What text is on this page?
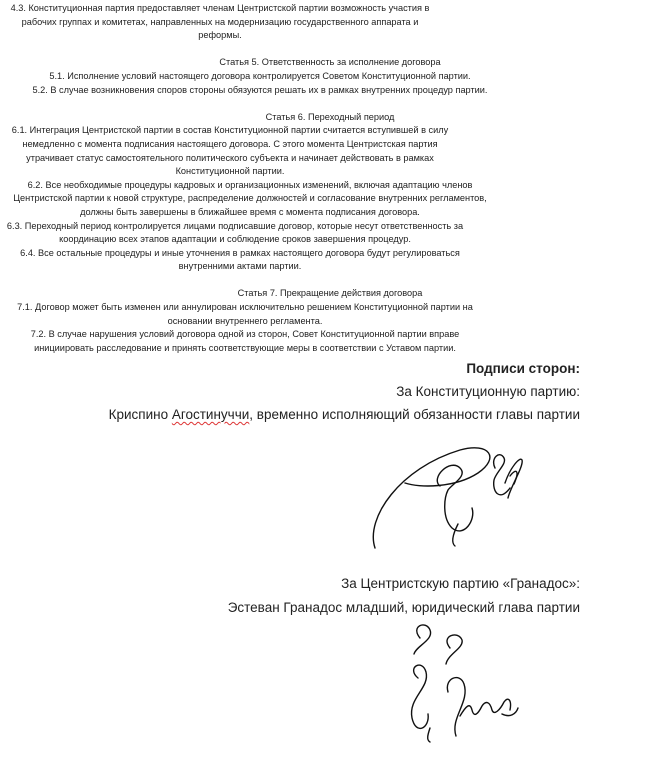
4.3. Конституционная партия предоставляет членам Центристской партии возможность участия в рабочих группах и комитетах, направленных на модернизацию государственного аппарата и реформы.

Статья 5. Ответственность за исполнение договора

5.1. Исполнение условий настоящего договора контролируется Советом Конституционной партии.

5.2. В случае возникновения споров стороны обязуются решать их в рамках внутренних процедур партии.

Статья 6. Переходный период

6.1. Интеграция Центристской партии в состав Конституционной партии считается вступившей в силу немедленно с момента подписания настоящего договора. С этого момента Центристская партия утрачивает статус самостоятельного политического субъекта и начинает действовать в рамках Конституционной партии.

6.2. Все необходимые процедуры кадровых и организационных изменений, включая адаптацию членов Центристской партии к новой структуре, распределение должностей и согласование внутренних регламентов, должны быть завершены в ближайшее время с момента подписания договора.

6.3. Переходный период контролируется лицами подписавшие договор, которые несут ответственность за координацию всех этапов адаптации и соблюдение сроков завершения процедур.

6.4. Все остальные процедуры и иные уточнения в рамках настоящего договора будут регулироваться внутренними актами партии.

Статья 7. Прекращение действия договора

7.1. Договор может быть изменен или аннулирован исключительно решением Конституционной партии на основании внутреннего регламента.

7.2. В случае нарушения условий договора одной из сторон, Совет Конституционной партии вправе инициировать расследование и принять соответствующие меры в соответствии с Уставом партии.

Подписи сторон:

За Конституционную партию:

Криспино Агостинуччи, временно исполняющий обязанности главы партии

За Центристскую партию «Гранадос»:

Эстеван Гранадос младший, юридический глава партии
